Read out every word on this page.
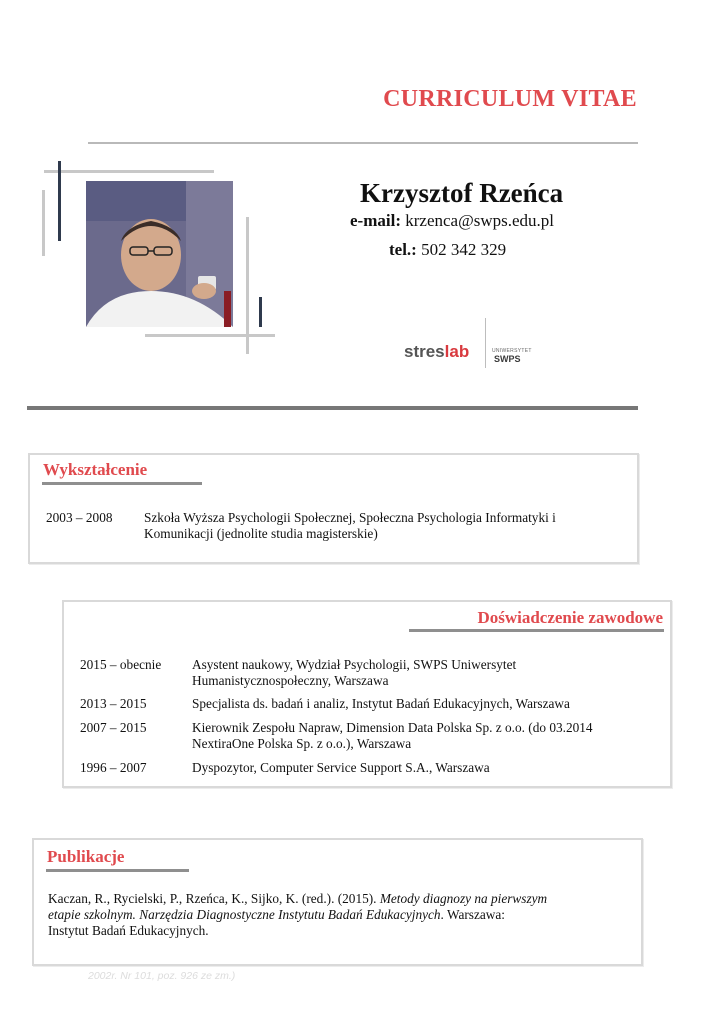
CURRICULUM VITAE
Krzysztof Rzeńca
e-mail: krzenca@swps.edu.pl
tel.: 502 342 329
streslab	UNIWERSYTET
SWPS
Wykształcenie
2003 – 2008 Szkoła Wyższa Psychologii Społecznej, Społeczna Psychologia Informatyki i
Komunikacji (jednolite studia magisterskie)
Doświadczenie zawodowe
2015 – obecnie Asystent naukowy, Wydział Psychologii, SWPS Uniwersytet
Humanistycznospołeczny, Warszawa
2013 – 2015	Specjalista ds. badań i analiz, Instytut Badań Edukacyjnych, Warszawa
2007 – 2015	Kierownik Zespołu Napraw, Dimension Data Polska Sp. z o.o. (do 03.2014
NextiraOne Polska Sp. z o.o.), Warszawa
1996 – 2007	Dyspozytor, Computer Service Support S.A., Warszawa
2002r. Nr 101, poz. 926 ze zm.)
Publikacje
Kaczan, R., Rycielski, P., Rzeńca, K., Sijko, K. (red.). (2015). Metody diagnozy na pierwszym
etapie szkolnym. Narzędzia Diagnostyczne Instytutu Badań Edukacyjnych. Warszawa:
Instytut Badań Edukacyjnych.
